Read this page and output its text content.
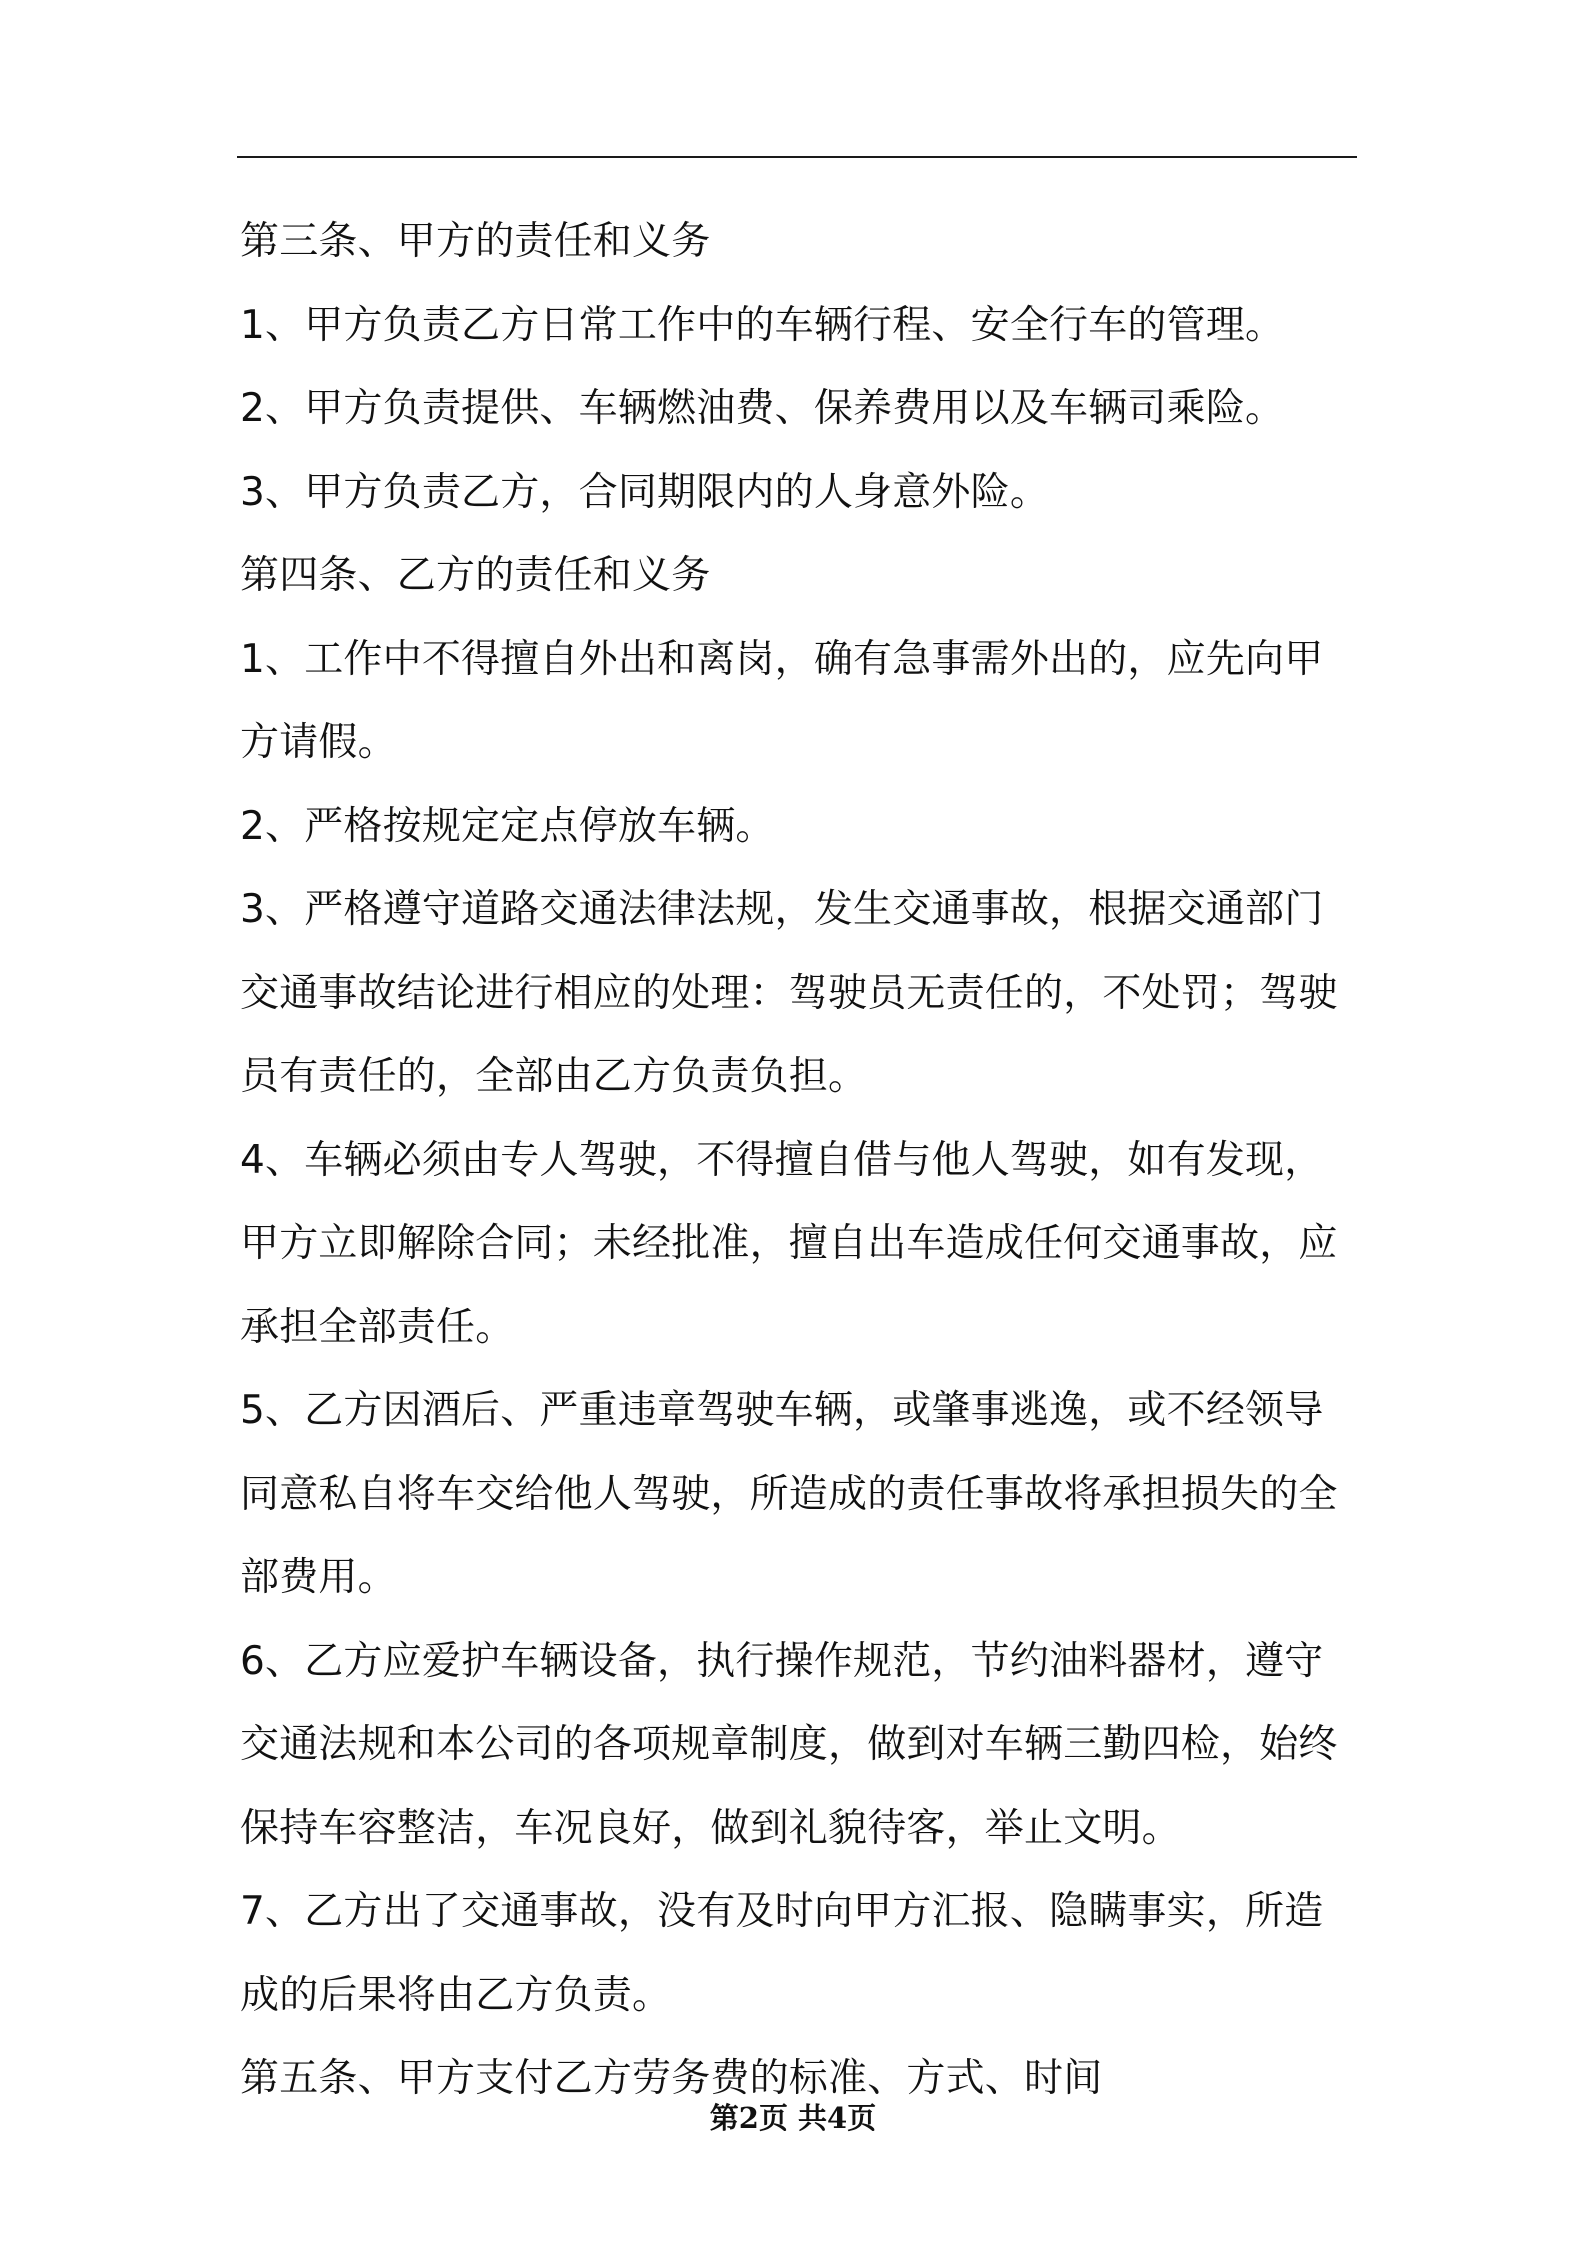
第三条、甲方的责任和义务

1、甲方负责乙方日常工作中的车辆行程、安全行车的管理。

2、甲方负责提供、车辆燃油费、保养费用以及车辆司乘险。

3、甲方负责乙方，合同期限内的人身意外险。

第四条、乙方的责任和义务

1、工作中不得擅自外出和离岗，确有急事需外出的，应先向甲方请假。

2、严格按规定定点停放车辆。

3、严格遵守道路交通法律法规，发生交通事故，根据交通部门交通事故结论进行相应的处理：驾驶员无责任的，不处罚；驾驶员有责任的，全部由乙方负责负担。

4、车辆必须由专人驾驶，不得擅自借与他人驾驶，如有发现，甲方立即解除合同；未经批准，擅自出车造成任何交通事故，应承担全部责任。

5、乙方因酒后、严重违章驾驶车辆，或肇事逃逸，或不经领导同意私自将车交给他人驾驶，所造成的责任事故将承担损失的全部费用。

6、乙方应爱护车辆设备，执行操作规范，节约油料器材，遵守交通法规和本公司的各项规章制度，做到对车辆三勤四检，始终保持车容整洁，车况良好，做到礼貌待客，举止文明。

7、乙方出了交通事故，没有及时向甲方汇报、隐瞒事实，所造成的后果将由乙方负责。

第五条、甲方支付乙方劳务费的标准、方式、时间

第2页 共4页
